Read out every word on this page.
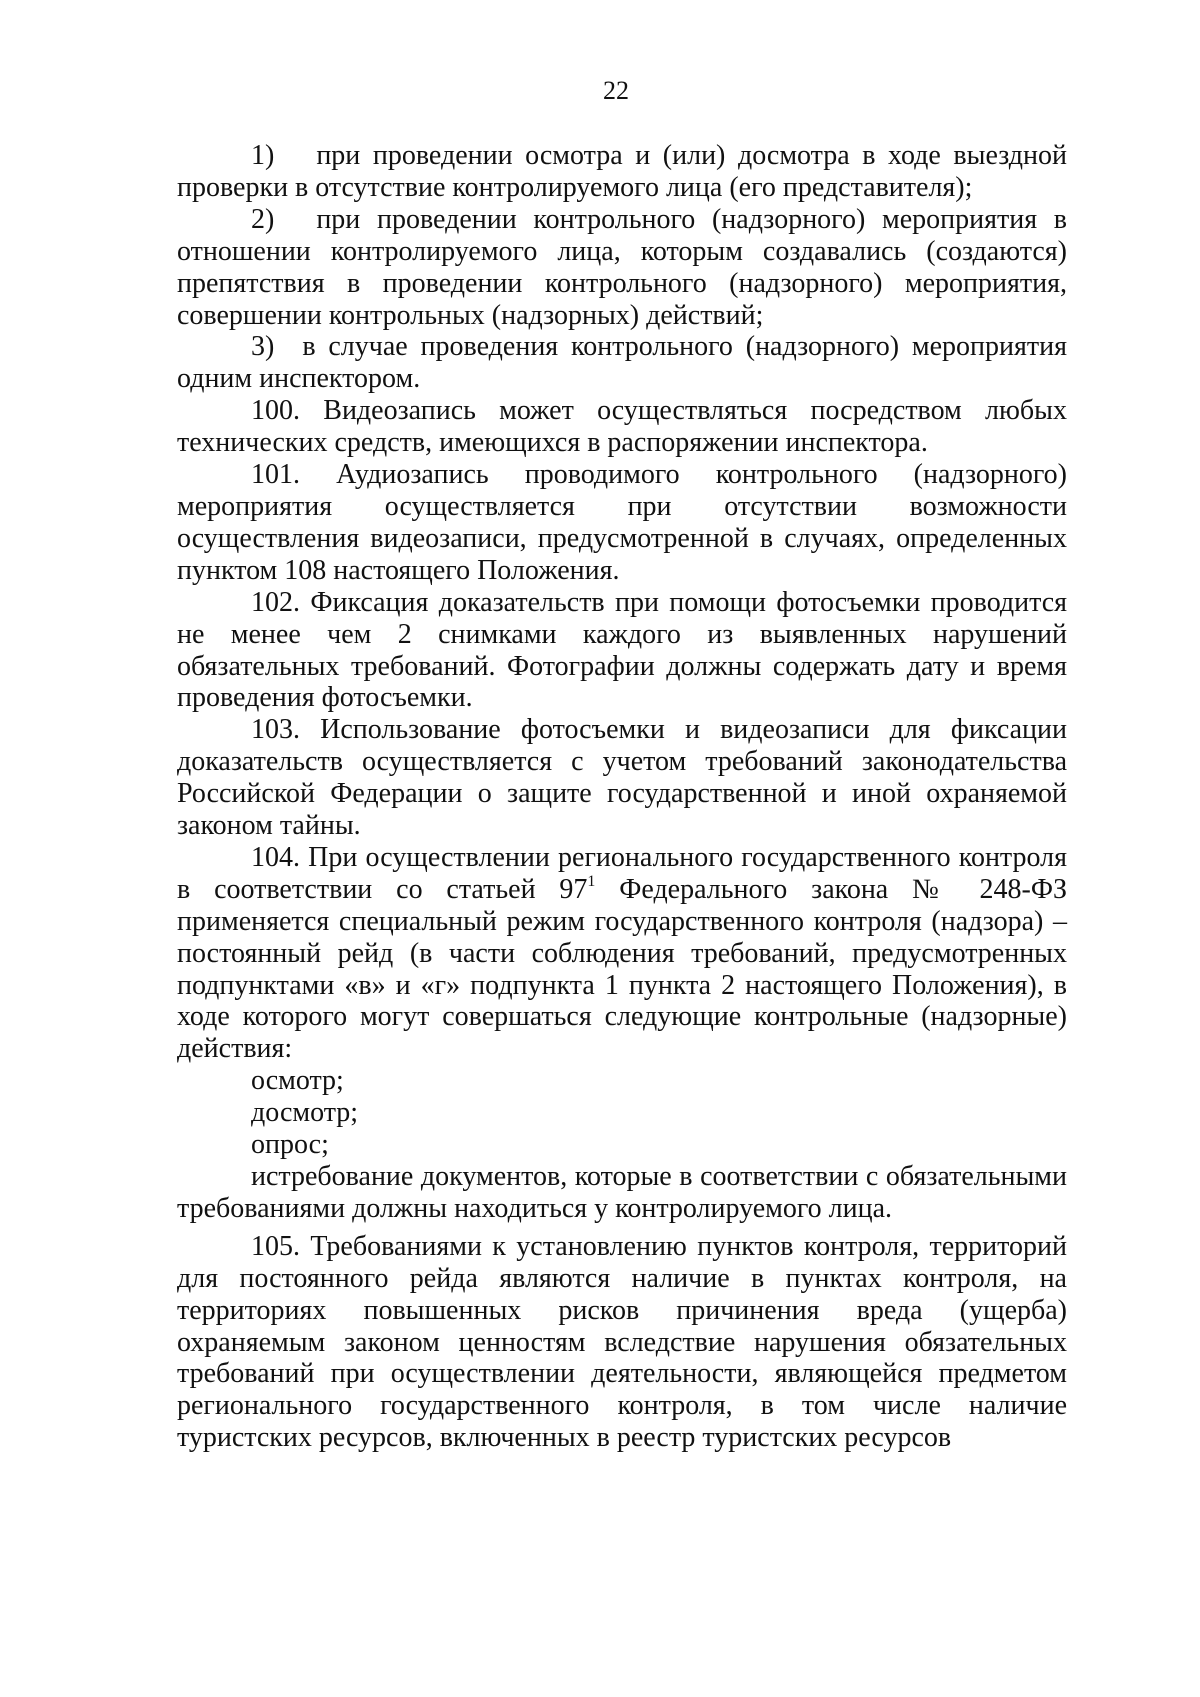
22

1)  при проведении осмотра и (или) досмотра в ходе выездной проверки в отсутствие контролируемого лица (его представителя);

2)  при проведении контрольного (надзорного) мероприятия в отношении контролируемого лица, которым создавались (создаются) препятствия в проведении контрольного (надзорного) мероприятия, совершении контрольных (надзорных) действий;

3) в случае проведения контрольного (надзорного) мероприятия одним инспектором.

100. Видеозапись может осуществляться посредством любых технических средств, имеющихся в распоряжении инспектора.

101. Аудиозапись проводимого контрольного (надзорного) мероприятия осуществляется при отсутствии возможности осуществления видеозаписи, предусмотренной в случаях, определенных пунктом 108 настоящего Положения.

102. Фиксация доказательств при помощи фотосъемки проводится не менее чем 2 снимками каждого из выявленных нарушений обязательных требований. Фотографии должны содержать дату и время проведения фотосъемки.

103. Использование фотосъемки и видеозаписи для фиксации доказательств осуществляется с учетом требований законодательства Российской Федерации о защите государственной и иной охраняемой законом тайны.

104. При осуществлении регионального государственного контроля в соответствии со статьей $97^1$ Федерального закона № 248-ФЗ применяется специальный режим государственного контроля (надзора) – постоянный рейд (в части соблюдения требований, предусмотренных подпунктами «в» и «г» подпункта 1 пункта 2 настоящего Положения), в ходе которого могут совершаться следующие контрольные (надзорные) действия:

осмотр;

досмотр;

опрос;

истребование документов, которые в соответствии с обязательными требованиями должны находиться у контролируемого лица.

105. Требованиями к установлению пунктов контроля, территорий для постоянного рейда являются наличие в пунктах контроля, на территориях повышенных рисков причинения вреда (ущерба) охраняемым законом ценностям вследствие нарушения обязательных требований при осуществлении деятельности, являющейся предметом регионального государственного контроля, в том числе наличие туристских ресурсов, включенных в реестр туристских ресурсов
